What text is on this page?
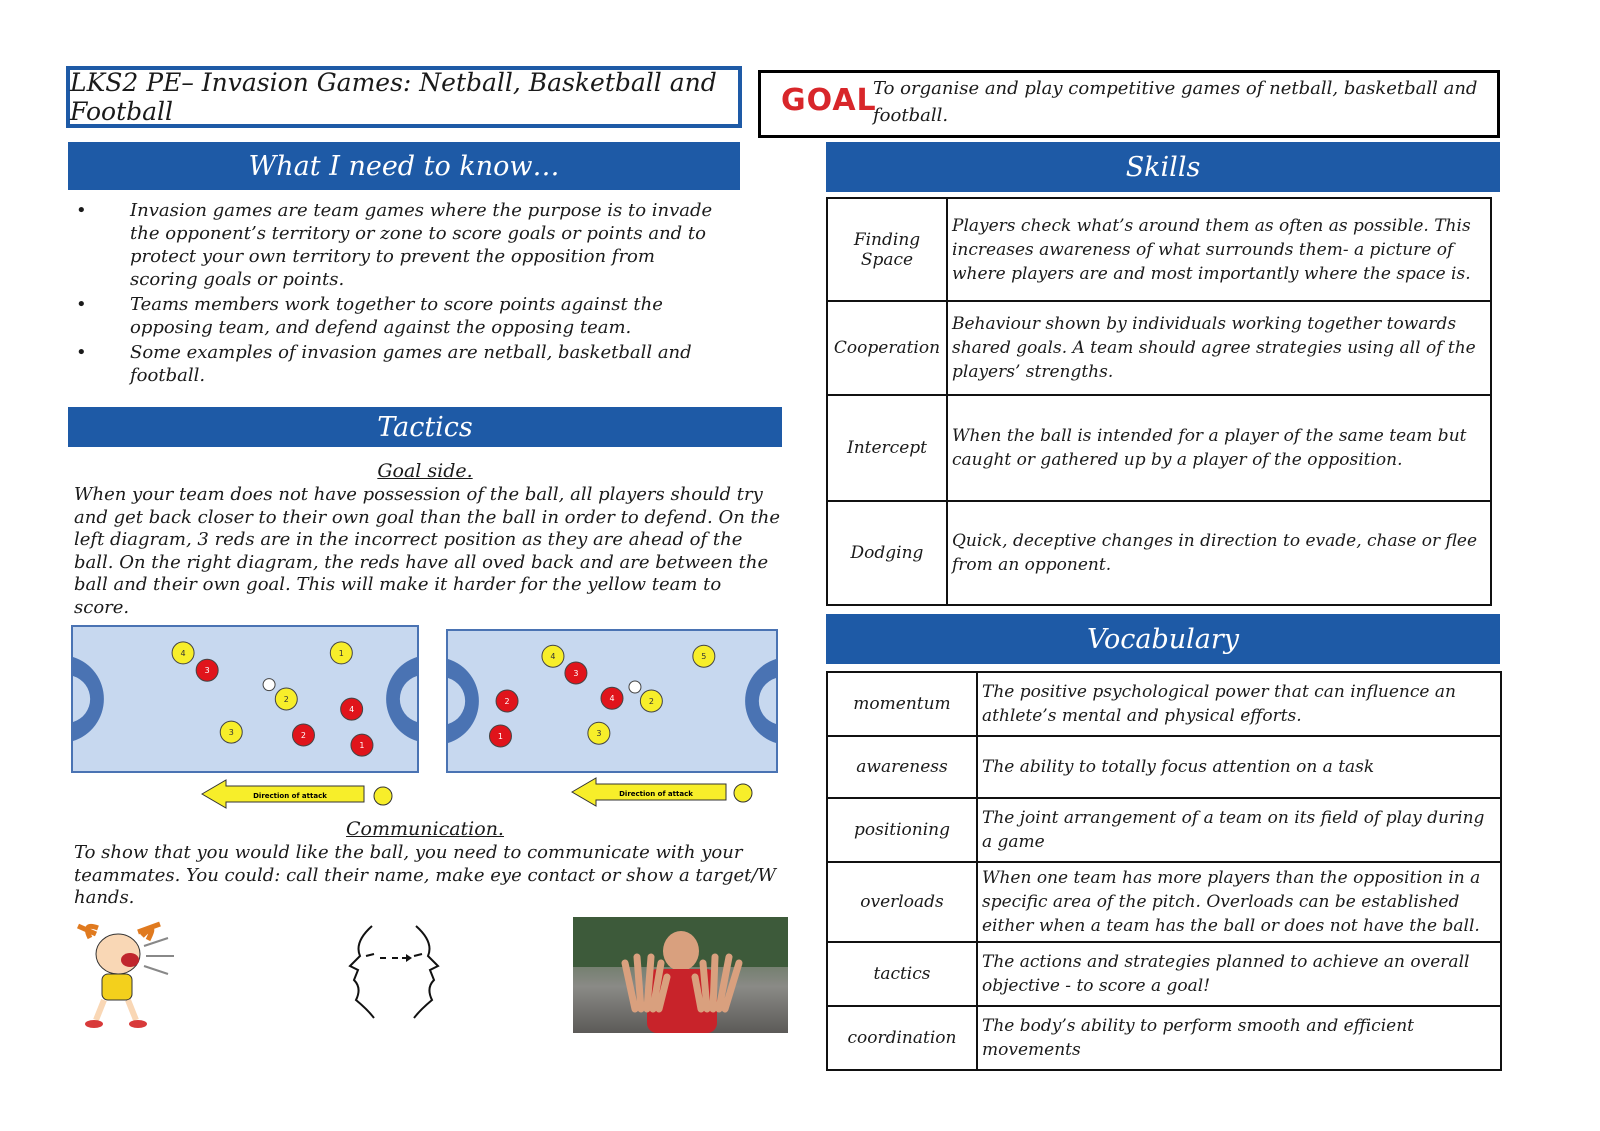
LKS2 PE– Invasion Games: Netball, Basketball and Football	GOAL
To organise and play competitive games of netball, basketball and football.
What I need to know…
• Invasion games are team games where the purpose is to invade the opponent’s territory or zone to score goals or points and to protect your own territory to prevent the opposition from scoring goals or points.
• Teams members work together to score points against the opposing team, and defend against the opposing team.
• Some examples of invasion games are netball, basketball and football.
Tactics
Goal side.
When your team does not have possession of the ball, all players should try and get back closer to their own goal than the ball in order to defend. On the left diagram, 3 reds are in the incorrect position as they are ahead of the ball. On the right diagram, the reds have all oved back and are between the ball and their own goal. This will make it harder for the yellow team to score.
4	1
2
3
3
4
2
1
4	5
2
3
3
4
2
1
Direction of attack	Direction of attack
Communication.
To show that you would like the ball, you need to communicate with your teammates. You could: call their name, make eye contact or show a target/W hands.
Skills
Finding Space	Players check what’s around them as often as possible. This increases awareness of what surrounds them- a picture of where players are and most importantly where the space is.
Cooperation	Behaviour shown by individuals working together towards shared goals. A team should agree strategies using all of the players’ strengths.
Intercept	When the ball is intended for a player of the same team but caught or gathered up by a player of the opposition.
Dodging	Quick, deceptive changes in direction to evade, chase or flee from an opponent.
Vocabulary
momentum	The positive psychological power that can influence an athlete’s mental and physical efforts.
awareness	The ability to totally focus attention on a task
positioning	The joint arrangement of a team on its field of play during a game
overloads	When one team has more players than the opposition in a specific area of the pitch. Overloads can be established either when a team has the ball or does not have the ball.
tactics	The actions and strategies planned to achieve an overall objective - to score a goal!
coordination	The body’s ability to perform smooth and efficient movements
